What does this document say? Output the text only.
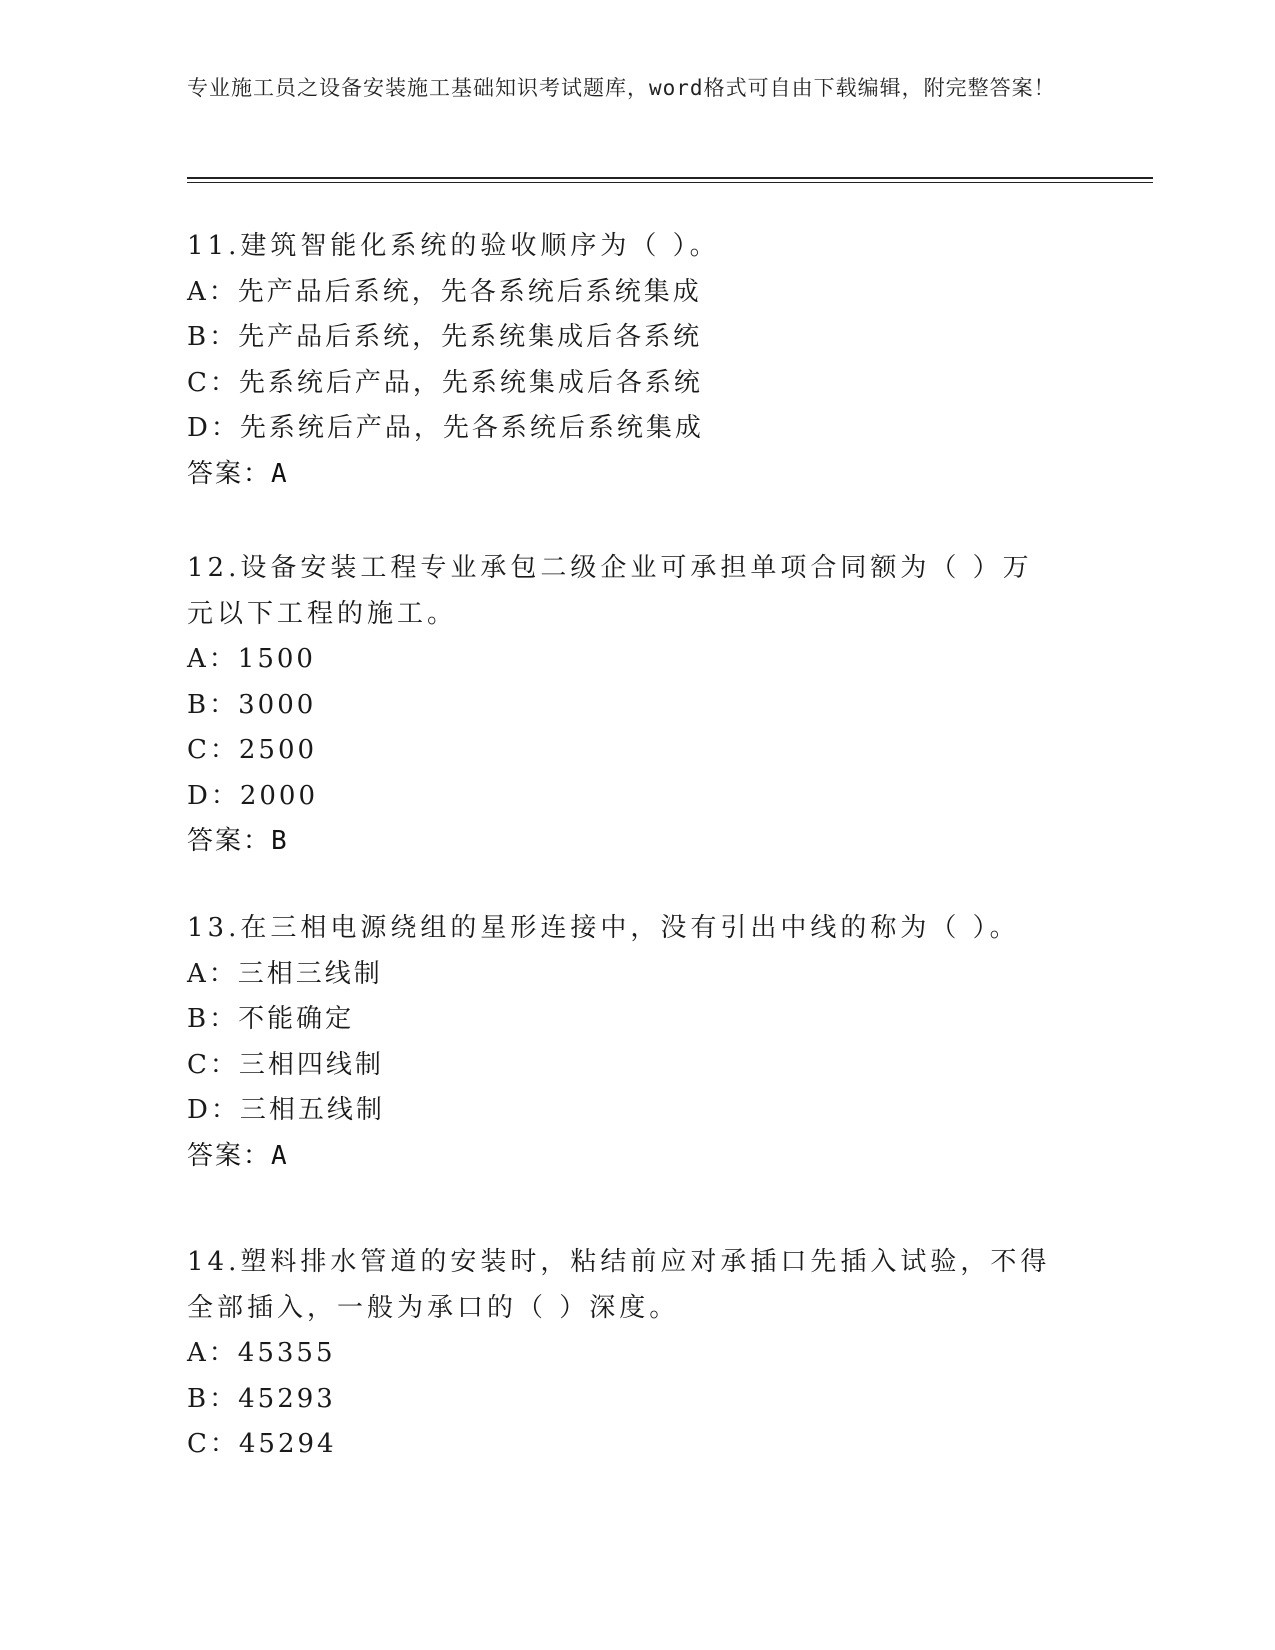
专业施工员之设备安装施工基础知识考试题库，word格式可自由下载编辑，附完整答案！
11.建筑智能化系统的验收顺序为（ ）。
A：先产品后系统，先各系统后系统集成
B：先产品后系统，先系统集成后各系统
C：先系统后产品，先系统集成后各系统
D：先系统后产品，先各系统后系统集成
答案：A
12.设备安装工程专业承包二级企业可承担单项合同额为（ ）万元以下工程的施工。
A：1500
B：3000
C：2500
D：2000
答案：B
13.在三相电源绕组的星形连接中，没有引出中线的称为（ ）。
A：三相三线制
B：不能确定
C：三相四线制
D：三相五线制
答案：A
14.塑料排水管道的安装时，粘结前应对承插口先插入试验，不得全部插入，一般为承口的（ ）深度。
A：45355
B：45293
C：45294
